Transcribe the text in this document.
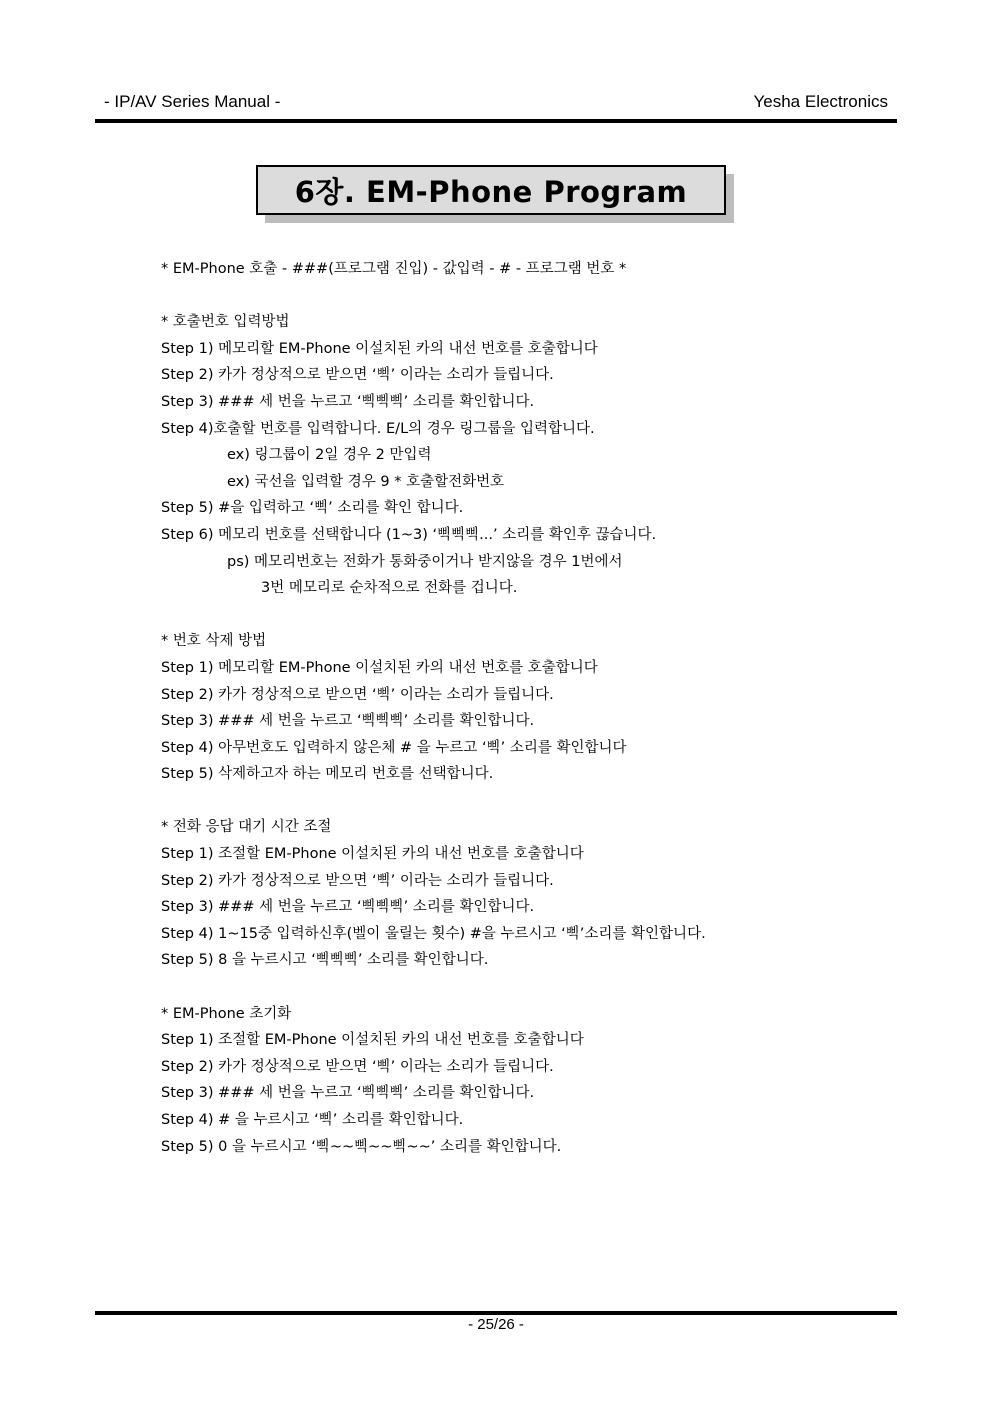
- IP/AV Series Manual -	Yesha Electronics
6장. EM-Phone Program
* EM-Phone 호출 - ###(프로그램 진입) - 값입력 - # - 프로그램 번호 *
* 호출번호 입력방법
Step 1) 메모리할 EM-Phone 이설치된 카의 내선 번호를 호출합니다
Step 2) 카가 정상적으로 받으면 ‘삑’ 이라는 소리가 들립니다.
Step 3) ### 세 번을 누르고 ‘삑삑삑’ 소리를 확인합니다.
Step 4)호출할 번호를 입력합니다. E/L의 경우 링그룹을 입력합니다.
ex) 링그룹이 2일 경우 2 만입력
ex) 국선을 입력할 경우 9 * 호출할전화번호
Step 5) #을 입력하고 ‘삑’ 소리를 확인 합니다.
Step 6) 메모리 번호를 선택합니다 (1~3) ‘삑삑삑...’ 소리를 확인후 끊습니다.
ps) 메모리번호는 전화가 통화중이거나 받지않을 경우 1번에서
3번 메모리로 순차적으로 전화를 겁니다.
* 번호 삭제 방법
Step 1) 메모리할 EM-Phone 이설치된 카의 내선 번호를 호출합니다
Step 2) 카가 정상적으로 받으면 ‘삑’ 이라는 소리가 들립니다.
Step 3) ### 세 번을 누르고 ‘삑삑삑’ 소리를 확인합니다.
Step 4) 아무번호도 입력하지 않은체 # 을 누르고 ‘삑’ 소리를 확인합니다
Step 5) 삭제하고자 하는 메모리 번호를 선택합니다.
* 전화 응답 대기 시간 조절
Step 1) 조절할 EM-Phone 이설치된 카의 내선 번호를 호출합니다
Step 2) 카가 정상적으로 받으면 ‘삑’ 이라는 소리가 들립니다.
Step 3) ### 세 번을 누르고 ‘삑삑삑’ 소리를 확인합니다.
Step 4) 1~15중 입력하신후(벨이 울릴는 횟수) #을 누르시고 ‘삑’소리를 확인합니다.
Step 5) 8 을 누르시고 ‘삑삑삑’ 소리를 확인합니다.
* EM-Phone 초기화
Step 1) 조절할 EM-Phone 이설치된 카의 내선 번호를 호출합니다
Step 2) 카가 정상적으로 받으면 ‘삑’ 이라는 소리가 들립니다.
Step 3) ### 세 번을 누르고 ‘삑삑삑’ 소리를 확인합니다.
Step 4) # 을 누르시고 ‘삑’ 소리를 확인합니다.
Step 5) 0 을 누르시고 ‘삑~~삑~~삑~~’ 소리를 확인합니다.
- 25/26 -
